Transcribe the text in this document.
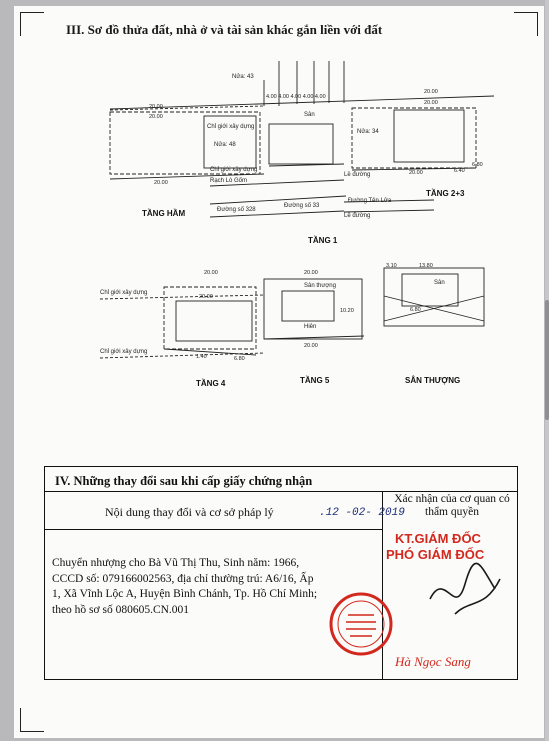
III. Sơ đồ thửa đất, nhà ở và tài sản khác gắn liền với đất
20.00
20.00
20.00
20.00
20.00
20.00
4.00 4.00 4.00 4.00 4.00
20.00
20.00
20.00
13.80
3.10
20.00
6.80
1.40
10.20	6.80
6.40
6.80
Nửa: 43
Nửa: 48
Nửa: 34
Chỉ giới xây dựng
Chỉ giới xây dựng
Rạch Lò Gốm
Đường số 328
Đường số 33
Đường Tên Lửa
Lề đường
Lề đường
Sân
Chỉ giới xây dựng
Chỉ giới xây dựng
Sân thượng
Hiên
Sân
TẦNG HẦM
TẦNG 1
TẦNG 2+3
TẦNG 4	TẦNG 5	SÂN THƯỢNG
IV. Những thay đổi sau khi cấp giấy chứng nhận
Nội dung thay đổi và cơ sở pháp lý	.12 -02- 2019
Xác nhận của cơ quan có thẩm quyền
Chuyển nhượng cho Bà Vũ Thị Thu, Sinh năm: 1966,
CCCD số: 079166002563, địa chỉ thường trú: A6/16, Ấp
1, Xã Vĩnh Lộc A, Huyện Bình Chánh, Tp. Hồ Chí Minh;
theo hồ sơ số 080605.CN.001
KT.GIÁM ĐỐC
PHÓ GIÁM ĐỐC
Hà Ngọc Sang
